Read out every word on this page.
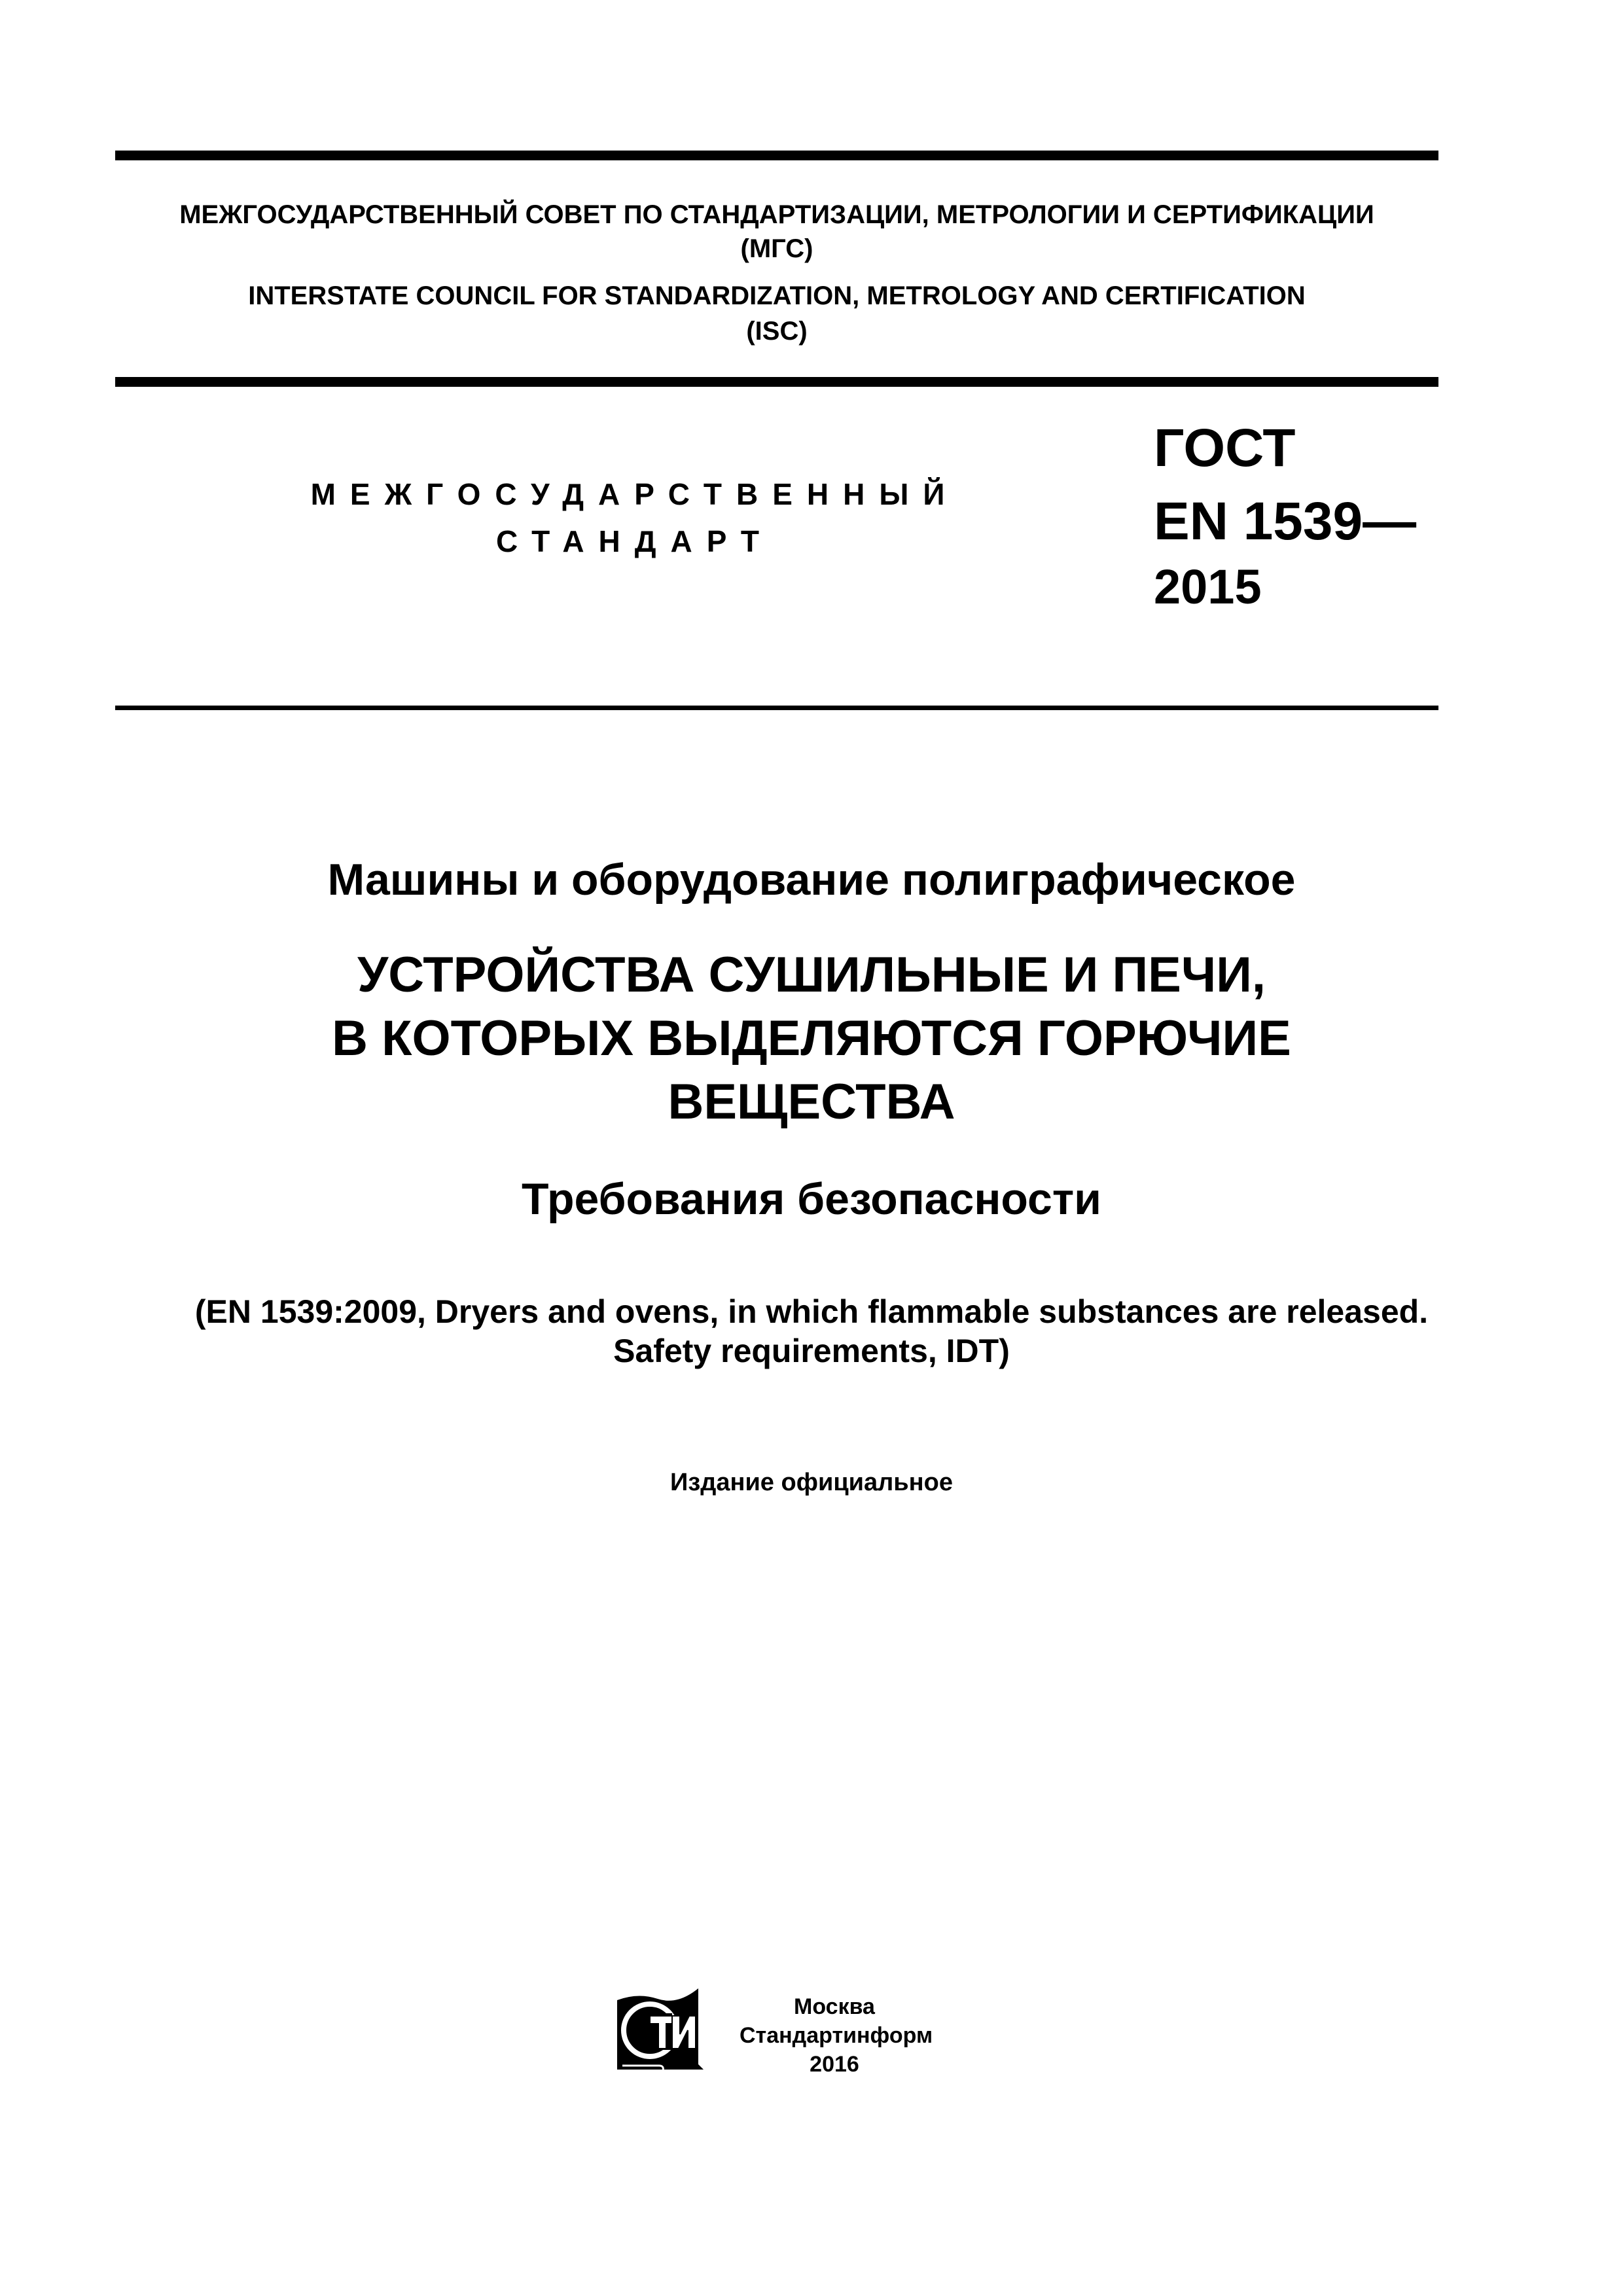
МЕЖГОСУДАРСТВЕННЫЙ СОВЕТ ПО СТАНДАРТИЗАЦИИ, МЕТРОЛОГИИ И СЕРТИФИКАЦИИ
(МГС)
INTERSTATE COUNCIL FOR STANDARDIZATION, METROLOGY AND CERTIFICATION
(ISC)
МЕЖГОСУДАРСТВЕННЫЙ
СТАНДАРТ
ГОСТ
EN 1539—
2015
Машины и оборудование полиграфическое
УСТРОЙСТВА СУШИЛЬНЫЕ И ПЕЧИ,
В КОТОРЫХ ВЫДЕЛЯЮТСЯ ГОРЮЧИЕ
ВЕЩЕСТВА
Требования безопасности
(EN 1539:2009, Dryers and ovens, in which flammable substances are released.
Safety requirements, IDT)
Издание официальное
Москва
Стандартинформ
2016
